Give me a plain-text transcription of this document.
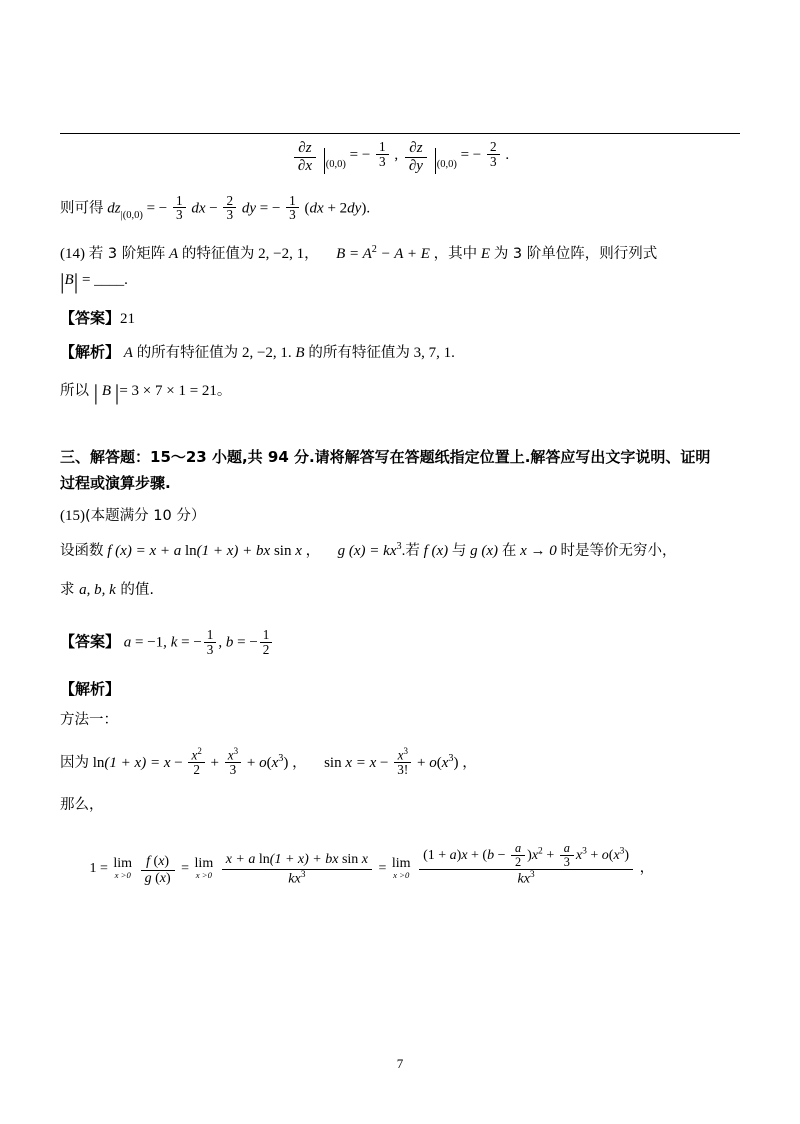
$\frac{\partial z}{\partial x} _{(0,0)}$ = − $\frac{1}{3}$ , $\frac{\partial z}{\partial y} _{(0,0)}$ = − $\frac{2}{3}$ .
则可得 $dz_{|(0,0)}$ = − $\frac{1}{3}$ dx − $\frac{2}{3}$ dy = − $\frac{1}{3} (dx + 2dy)$.
(14) 若 3 阶矩阵 A 的特征值为 2, −2, 1， $B = A^2 - A + E$ ，其中 E 为 3 阶单位阵，则行列式
|B| = ____.
【答案】21
【解析】 A 的所有特征值为 2, −2, 1. B 的所有特征值为 3, 7, 1.
所以 | B |= 3 × 7 × 1 = 21。
三、解答题：15～23 小题,共 94 分.请将解答写在答题纸指定位置上.解答应写出文字说明、证明
过程或演算步骤.
(15)(本题满分 10 分）
设函数 f (x) = x + a ln(1 + x) + bx sin x ， g $(x) = kx^3$.若 f (x) 与 g (x) 在 x → 0 时是等价无穷小，
求 a, b, k 的值.
【答案】 a = −1, k = − $\frac{1}{3}$ , b = − $\frac{1}{2}$
【解析】
方法一：
因为 $\ln(1 + x) = x - \frac{x^2}{2} + \frac{x^3}{3} + o(x^3)$ ， $\sin x = x - \frac{x^3}{3!} + o(x^3)$ ，
那么，
1 = lim
x >0
$\frac{f (x)}{g (x)} = \lim$
x >0
$\frac{\text{x + a ln(1 + x) + bx sin x}}{kx^3} = \lim$
x >0
$\frac{(1 + a)x + (b - \frac{a}{2} )x^2 + \frac{a}{3} x^3 + o(x^3)}{kx^3}$ ，
7
